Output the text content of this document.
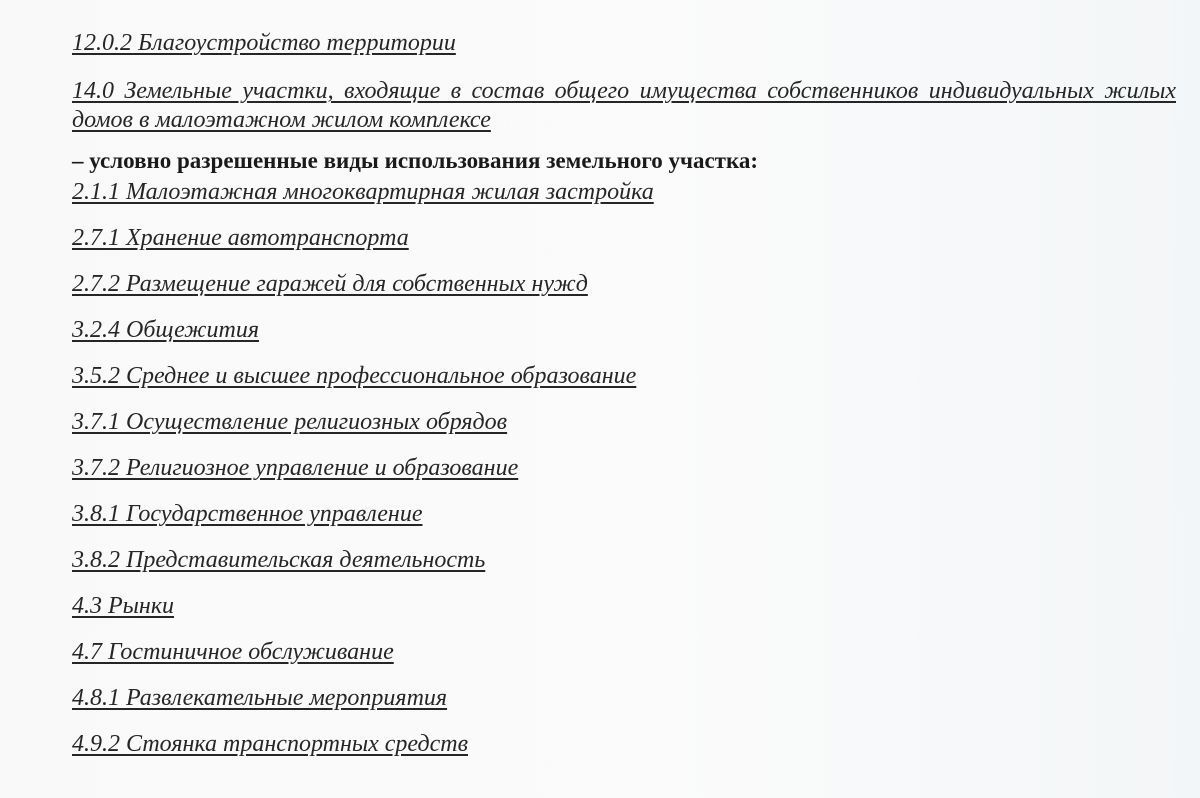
12.0.2 Благоустройство территории

14.0 Земельные участки, входящие в состав общего имущества собственников индивидуальных жилых домов в малоэтажном жилом комплексе

– условно разрешенные виды использования земельного участка:

2.1.1 Малоэтажная многоквартирная жилая застройка

2.7.1 Хранение автотранспорта

2.7.2 Размещение гаражей для собственных нужд

3.2.4 Общежития

3.5.2 Среднее и высшее профессиональное образование

3.7.1 Осуществление религиозных обрядов

3.7.2 Религиозное управление и образование

3.8.1 Государственное управление

3.8.2 Представительская деятельность

4.3 Рынки

4.7 Гостиничное обслуживание

4.8.1 Развлекательные мероприятия

4.9.2 Стоянка транспортных средств
